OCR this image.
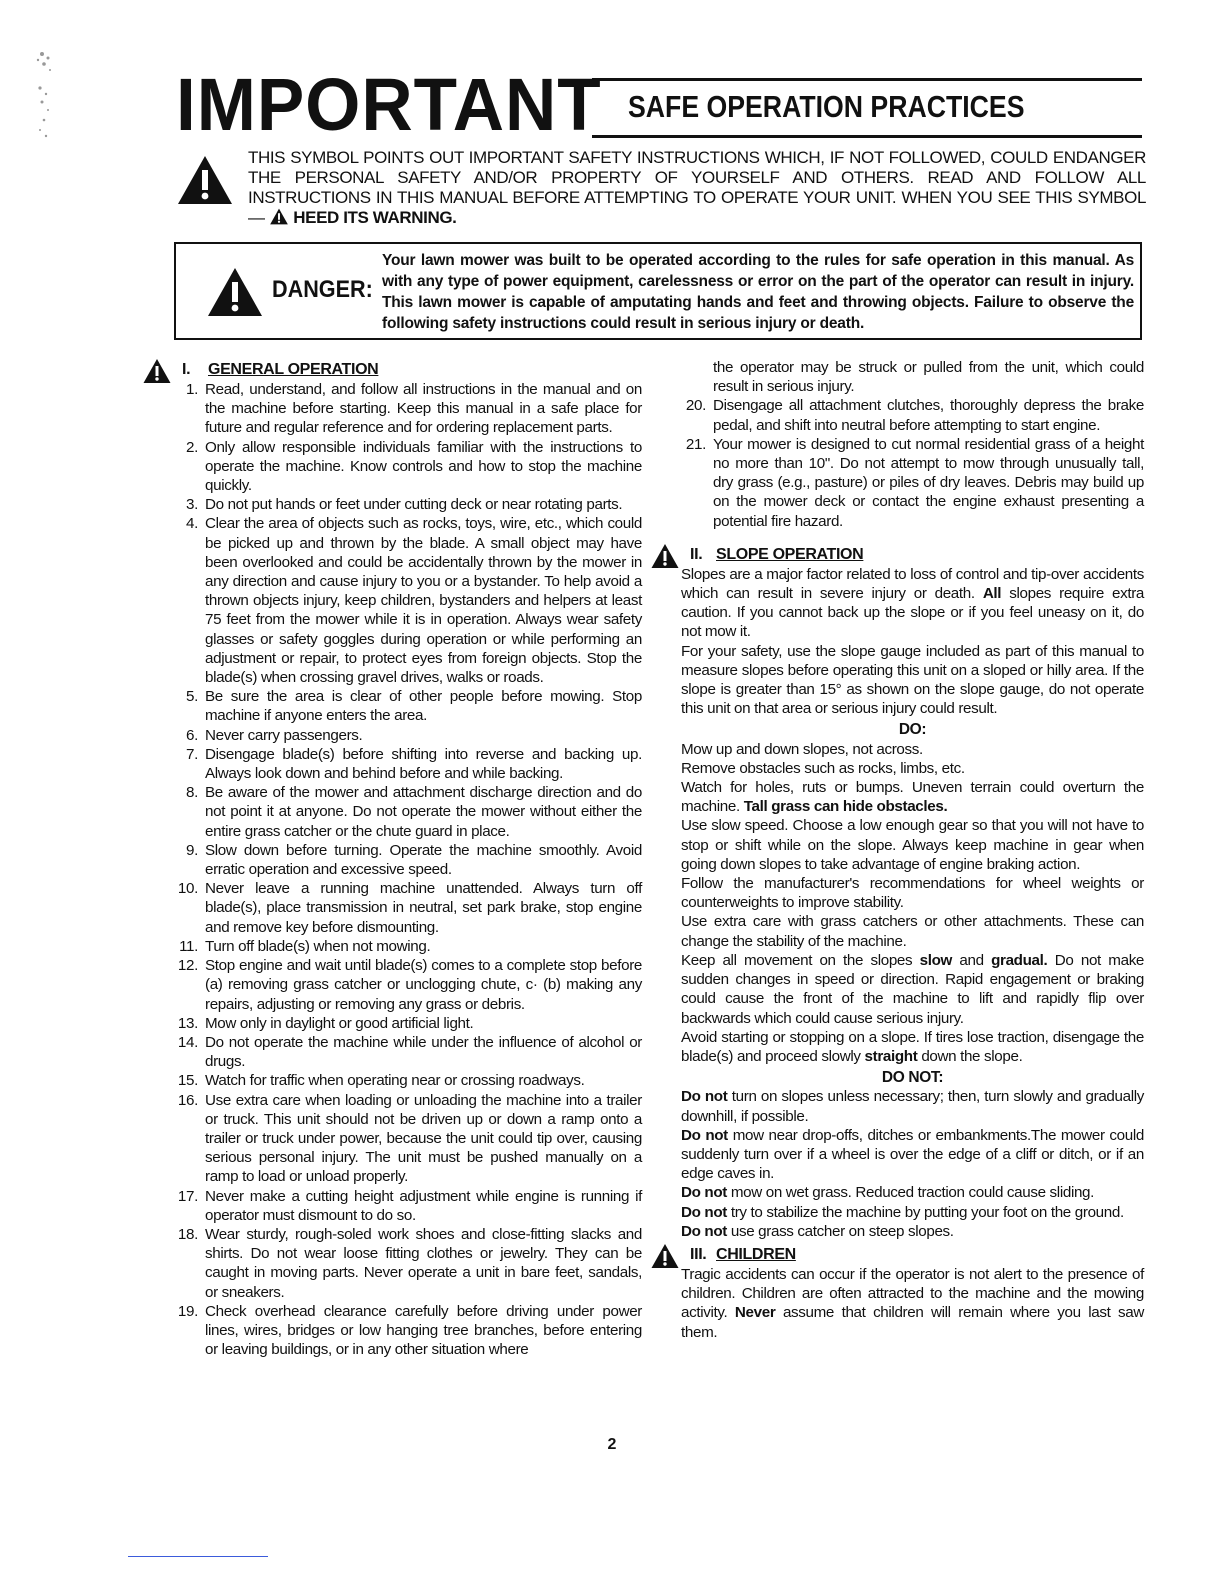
IMPORTANT SAFE OPERATION PRACTICES
THIS SYMBOL POINTS OUT IMPORTANT SAFETY INSTRUCTIONS WHICH, IF NOT FOLLOWED, COULD ENDANGER THE PERSONAL SAFETY AND/OR PROPERTY OF YOURSELF AND OTHERS. READ AND FOLLOW ALL INSTRUCTIONS IN THIS MANUAL BEFORE ATTEMPTING TO OPERATE YOUR UNIT. WHEN YOU SEE THIS SYMBOL— HEED ITS WARNING.
DANGER:
Your lawn mower was built to be operated according to the rules for safe operation in this manual. As with any type of power equipment, carelessness or error on the part of the operator can result in injury. This lawn mower is capable of amputating hands and feet and throwing objects. Failure to observe the following safety instructions could result in serious injury or death.
I. GENERAL OPERATION
1. Read, understand, and follow all instructions in the manual and on the machine before starting. Keep this manual in a safe place for future and regular reference and for ordering replacement parts.
2. Only allow responsible individuals familiar with the instructions to operate the machine. Know controls and how to stop the machine quickly.
3. Do not put hands or feet under cutting deck or near rotating parts.
4. Clear the area of objects such as rocks, toys, wire, etc., which could be picked up and thrown by the blade. A small object may have been overlooked and could be accidentally thrown by the mower in any direction and cause injury to you or a bystander. To help avoid a thrown objects injury, keep children, bystanders and helpers at least 75 feet from the mower while it is in operation. Always wear safety glasses or safety goggles during operation or while performing an adjustment or repair, to protect eyes from foreign objects. Stop the blade(s) when crossing gravel drives, walks or roads.
5. Be sure the area is clear of other people before mowing. Stop machine if anyone enters the area.
6. Never carry passengers.
7. Disengage blade(s) before shifting into reverse and backing up. Always look down and behind before and while backing.
8. Be aware of the mower and attachment discharge direction and do not point it at anyone. Do not operate the mower without either the entire grass catcher or the chute guard in place.
9. Slow down before turning. Operate the machine smoothly. Avoid erratic operation and excessive speed.
10. Never leave a running machine unattended. Always turn off blade(s), place transmission in neutral, set park brake, stop engine and remove key before dismounting.
11. Turn off blade(s) when not mowing.
12. Stop engine and wait until blade(s) comes to a complete stop before (a) removing grass catcher or unclogging chute, c· (b) making any repairs, adjusting or removing any grass or debris.
13. Mow only in daylight or good artificial light.
14. Do not operate the machine while under the influence of alcohol or drugs.
15. Watch for traffic when operating near or crossing roadways.
16. Use extra care when loading or unloading the machine into a trailer or truck. This unit should not be driven up or down a ramp onto a trailer or truck under power, because the unit could tip over, causing serious personal injury. The unit must be pushed manually on a ramp to load or unload properly.
17. Never make a cutting height adjustment while engine is running if operator must dismount to do so.
18. Wear sturdy, rough-soled work shoes and close-fitting slacks and shirts. Do not wear loose fitting clothes or jewelry. They can be caught in moving parts. Never operate a unit in bare feet, sandals, or sneakers.
19. Check overhead clearance carefully before driving under power lines, wires, bridges or low hanging tree branches, before entering or leaving buildings, or in any other situation where
the operator may be struck or pulled from the unit, which could result in serious injury.
20. Disengage all attachment clutches, thoroughly depress the brake pedal, and shift into neutral before attempting to start engine.
21. Your mower is designed to cut normal residential grass of a height no more than 10". Do not attempt to mow through unusually tall, dry grass (e.g., pasture) or piles of dry leaves. Debris may build up on the mower deck or contact the engine exhaust presenting a potential fire hazard.
II. SLOPE OPERATION
Slopes are a major factor related to loss of control and tip-over accidents which can result in severe injury or death. All slopes require extra caution. If you cannot back up the slope or if you feel uneasy on it, do not mow it.
For your safety, use the slope gauge included as part of this manual to measure slopes before operating this unit on a sloped or hilly area. If the slope is greater than 15° as shown on the slope gauge, do not operate this unit on that area or serious injury could result.
DO:
Mow up and down slopes, not across.
Remove obstacles such as rocks, limbs, etc.
Watch for holes, ruts or bumps. Uneven terrain could overturn the machine. Tall grass can hide obstacles.
Use slow speed. Choose a low enough gear so that you will not have to stop or shift while on the slope. Always keep machine in gear when going down slopes to take advantage of engine braking action.
Follow the manufacturer's recommendations for wheel weights or counterweights to improve stability.
Use extra care with grass catchers or other attachments. These can change the stability of the machine.
Keep all movement on the slopes slow and gradual. Do not make sudden changes in speed or direction. Rapid engagement or braking could cause the front of the machine to lift and rapidly flip over backwards which could cause serious injury.
Avoid starting or stopping on a slope. If tires lose traction, disengage the blade(s) and proceed slowly straight down the slope.
DO NOT:
Do not turn on slopes unless necessary; then, turn slowly and gradually downhill, if possible.
Do not mow near drop-offs, ditches or embankments.The mower could suddenly turn over if a wheel is over the edge of a cliff or ditch, or if an edge caves in.
Do not mow on wet grass. Reduced traction could cause sliding.
Do not try to stabilize the machine by putting your foot on the ground.
Do not use grass catcher on steep slopes.
III. CHILDREN
Tragic accidents can occur if the operator is not alert to the presence of children. Children are often attracted to the machine and the mowing activity. Never assume that children will remain where you last saw them.
2
